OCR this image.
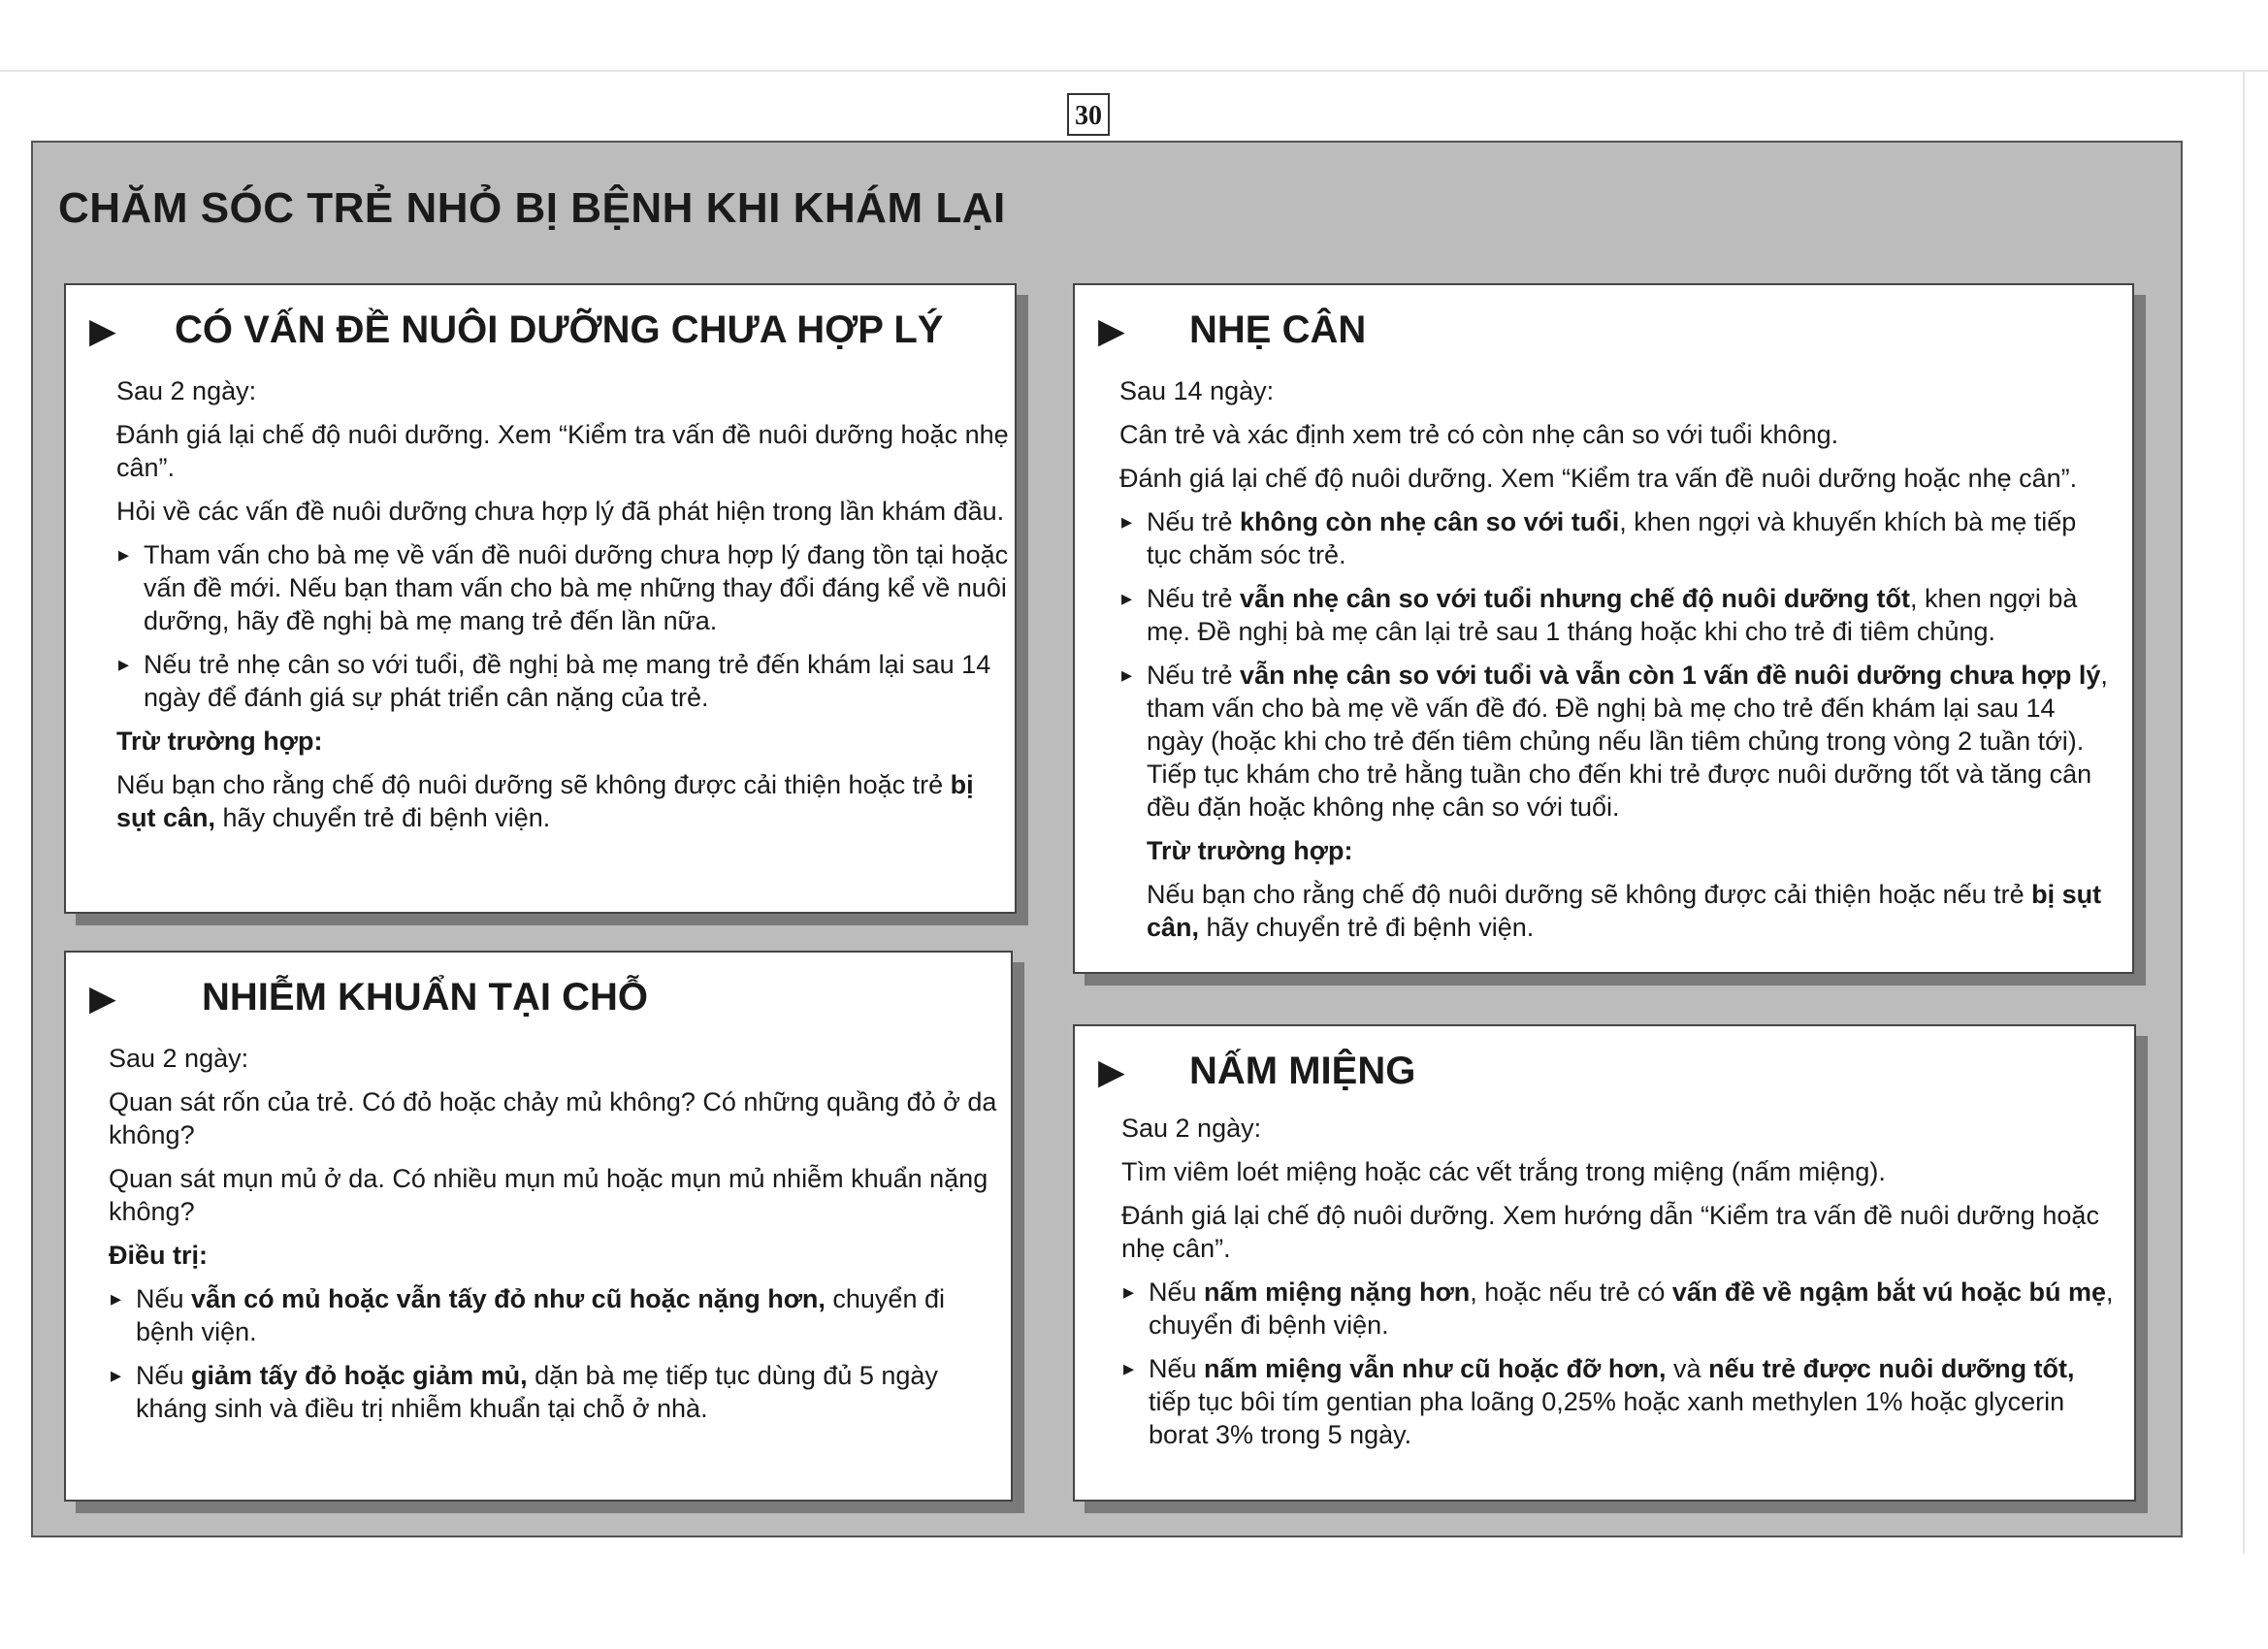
30
CHĂM SÓC TRẺ NHỎ BỊ BỆNH KHI KHÁM LẠI
▶ CÓ VẤN ĐỀ NUÔI DƯỠNG CHƯA HỢP LÝ

Sau 2 ngày:

Đánh giá lại chế độ nuôi dưỡng. Xem “Kiểm tra vấn đề nuôi dưỡng hoặc nhẹ cân”.

Hỏi về các vấn đề nuôi dưỡng chưa hợp lý đã phát hiện trong lần khám đầu.

▸ Tham vấn cho bà mẹ về vấn đề nuôi dưỡng chưa hợp lý đang tồn tại hoặc vấn đề mới. Nếu bạn tham vấn cho bà mẹ những thay đổi đáng kể về nuôi dưỡng, hãy đề nghị bà mẹ mang trẻ đến lần nữa.
▸ Nếu trẻ nhẹ cân so với tuổi, đề nghị bà mẹ mang trẻ đến khám lại sau 14 ngày để đánh giá sự phát triển cân nặng của trẻ.

Trừ trường hợp:

Nếu bạn cho rằng chế độ nuôi dưỡng sẽ không được cải thiện hoặc trẻ bị sụt cân, hãy chuyển trẻ đi bệnh viện.

▶ NHẸ CÂN

Sau 14 ngày:

Cân trẻ và xác định xem trẻ có còn nhẹ cân so với tuổi không.

Đánh giá lại chế độ nuôi dưỡng. Xem “Kiểm tra vấn đề nuôi dưỡng hoặc nhẹ cân”.

▸ Nếu trẻ không còn nhẹ cân so với tuổi, khen ngợi và khuyến khích bà mẹ tiếp tục chăm sóc trẻ.
▸ Nếu trẻ vẫn nhẹ cân so với tuổi nhưng chế độ nuôi dưỡng tốt, khen ngợi bà mẹ. Đề nghị bà mẹ cân lại trẻ sau 1 tháng hoặc khi cho trẻ đi tiêm chủng.
▸ Nếu trẻ vẫn nhẹ cân so với tuổi và vẫn còn 1 vấn đề nuôi dưỡng chưa hợp lý, tham vấn cho bà mẹ về vấn đề đó. Đề nghị bà mẹ cho trẻ đến khám lại sau 14 ngày (hoặc khi cho trẻ đến tiêm chủng nếu lần tiêm chủng trong vòng 2 tuần tới). Tiếp tục khám cho trẻ hằng tuần cho đến khi trẻ được nuôi dưỡng tốt và tăng cân đều đặn hoặc không nhẹ cân so với tuổi.

Trừ trường hợp:

Nếu bạn cho rằng chế độ nuôi dưỡng sẽ không được cải thiện hoặc nếu trẻ bị sụt cân, hãy chuyển trẻ đi bệnh viện.

▶ NHIỄM KHUẨN TẠI CHỖ

Sau 2 ngày:

Quan sát rốn của trẻ. Có đỏ hoặc chảy mủ không? Có những quầng đỏ ở da không?

Quan sát mụn mủ ở da. Có nhiều mụn mủ hoặc mụn mủ nhiễm khuẩn nặng không?

Điều trị:

▸ Nếu vẫn có mủ hoặc vẫn tấy đỏ như cũ hoặc nặng hơn, chuyển đi bệnh viện.
▸ Nếu giảm tấy đỏ hoặc giảm mủ, dặn bà mẹ tiếp tục dùng đủ 5 ngày kháng sinh và điều trị nhiễm khuẩn tại chỗ ở nhà.
▶ NẤM MIỆNG

Sau 2 ngày:

Tìm viêm loét miệng hoặc các vết trắng trong miệng (nấm miệng).

Đánh giá lại chế độ nuôi dưỡng. Xem hướng dẫn “Kiểm tra vấn đề nuôi dưỡng hoặc nhẹ cân”.

▸ Nếu nấm miệng nặng hơn, hoặc nếu trẻ có vấn đề về ngậm bắt vú hoặc bú mẹ, chuyển đi bệnh viện.
▸ Nếu nấm miệng vẫn như cũ hoặc đỡ hơn, và nếu trẻ được nuôi dưỡng tốt, tiếp tục bôi tím gentian pha loãng 0,25% hoặc xanh methylen 1% hoặc glycerin borat 3% trong 5 ngày.
